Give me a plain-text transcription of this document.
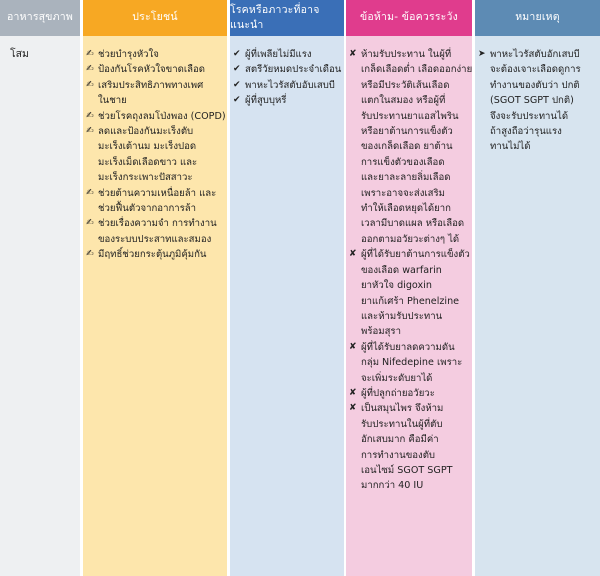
อาหารสุขภาพ
โสม
ประโยชน์
✍ ช่วยบำรุงหัวใจ
✍ ป้องกันโรคหัวใจขาดเลือด
✍ เสริมประสิทธิภาพทางเพศ
ในชาย
✍ ช่วยโรคถุงลมโป่งพอง (COPD)
✍ ลดและป้องกันมะเร็งตับ
มะเร็งเต้านม มะเร็งปอด
มะเร็งเม็ดเลือดขาว และ
มะเร็งกระเพาะปัสสาวะ
✍ ช่วยต้านความเหนื่อยล้า และ
ช่วยฟื้นตัวจากอาการล้า
✍ ช่วยเรื่องความจำ การทำงาน
ของระบบประสาทและสมอง
✍ มีฤทธิ์ช่วยกระตุ้นภูมิคุ้มกัน
โรคหรือภาวะที่อาจแนะนำ
✔ ผู้ที่เพลียไม่มีแรง
✔ สตรีวัยหมดประจำเดือน
✔ พาหะไวรัสตับอับเสบบี
✔ ผู้ที่สูบบุหรี่
ข้อห้าม- ข้อควรระวัง
✘ ห้ามรับประทาน ในผู้ที่
เกล็ดเลือดต่ำ เลือดออกง่าย
หรือมีประวัติเส้นเลือด
แตกในสมอง หรือผู้ที่
รับประทานยาแอสไพริน
หรือยาต้านการแข็งตัว
ของเกล็ดเลือด ยาต้าน
การแข็งตัวของเลือด
และยาละลายลิ่มเลือด
เพราะอาจจะส่งเสริม
ทำให้เลือดหยุดได้ยาก
เวลามีบาดแผล หรือเลือด
ออกตามอวัยวะต่างๆ ได้
✘ ผู้ที่ได้รับยาต้านการแข็งตัว
ของเลือด warfarin
ยาหัวใจ digoxin
ยาแก้เศร้า Phenelzine
และห้ามรับประทาน
พร้อมสุรา
✘ ผู้ที่ได้รับยาลดความดัน
กลุ่ม Nifedepine เพราะ
จะเพิ่มระดับยาได้
✘ ผู้ที่ปลูกถ่ายอวัยวะ
✘ เป็นสมุนไพร จึงห้าม
รับประทานในผู้ที่ตับ
อักเสบมาก คือมีค่า
การทำงานของตับ
เอนไซม์ SGOT SGPT
มากกว่า 40 IU
หมายเหตุ
➤ พาหะไวรัสตับอักเสบบี
จะต้องเจาะเลือดดูการ
ทำงานของตับว่า ปกติ
(SGOT SGPT ปกติ)
จึงจะรับประทานได้
ถ้าสูงถือว่ารุนแรง
ทานไม่ได้
